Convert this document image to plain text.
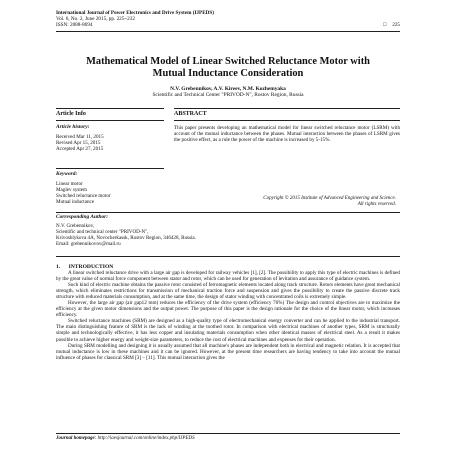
International Journal of Power Electronics and Drive System (IJPEDS)
Vol. 6, No. 2, June 2015, pp. 225~232
ISSN: 2088-8694	□ 225
Mathematical Model of Linear Switched Reluctance Motor with
Mutual Inductance Consideration
N.V. Grebennikov, A.V. Kireev, N.M. Kozhemyaka
Scientific and Technical Center "PRIVOD-N", Rostov Region, Russia
Article Info	ABSTRACT
Article history:
Received Mar 11, 2015
Revised Apr 15, 2015
Accepted Apr 27, 2015
Keyword:
Linear motor
Maglev system
Switched reluctance motor
Mutual inductance
This paper presents developing an mathematical model for linear switched reluctance motor (LSRM) with account of the mutual inductance between the phases. Mutual interaction between the phases of LSRM gives the positive effect, as a rule the power of the machine is increased by 5-15%.
Copyright © 2015 Institute of Advanced Engineering and Science.
All rights reserved.
Corresponding Author:
N.V. Grebennikov,
Scientific and technical center "PRIVOD-N",
Krivoshlykova 4A, Novocherkassk, Rostov Region, 346428, Russia.
Email: grebennikovnv@mail.ru
1.      INTRODUCTION

A linear switched reluctance drive with a large air gap is developed for railway vehicles [1], [2]. The possibility to apply this type of electric machines is defined by the great value of normal force component between stator and rotor, which can be used for generation of levitation and assurance of guidance system.

Such kind of electric machine obtains the passive rotor consisted of ferromagnetic elements located along track structure. Rotors elements have great mechanical strength, which eliminates restrictions for transmission of mechanical traction force and suspension and gives the possibility to create the passive discrete track structure with reduced materials consumption, and at the same time, the design of stator winding with concentrated coils is extremely simple.

However, the large air gap (air gap12 mm) reduces the efficiency of the drive system (efficiency 76%) The design and control objectives are to maximize the efficiency at the given motor dimensions and the output power. The purpose of this paper is the design rationale for the choice of the linear motor, which increases efficiency.

Switched reluctance machines (SRM) are designed as a high-quality type of electromechanical energy converter and can be applied to the industrial transport. The main distinguishing feature of SRM is the lack of winding at the toothed rotor. In comparison with electrical machines of another types, SRM is structurally simple and technologically effective, it has less copper and insulating materials consumption when other identical masses of electrical steel. As a result it makes possible to achieve higher energy and weight-size parameters, to reduce the cost of electrical machines and expenses for their operation.

During SRM modelling and designing it is usually assumed that all machine's phases are independent both in electrical and magnetic relation. It is accepted that mutual inductance is low in these machines and it can be ignored. However, at the present time researchers are having tendency to take into account the mutual influence of phases for classical SRM [3] – [11]. This mutual interaction gives the

Journal homepage: http://iaesjournal.com/online/index.php/IJPEDS
